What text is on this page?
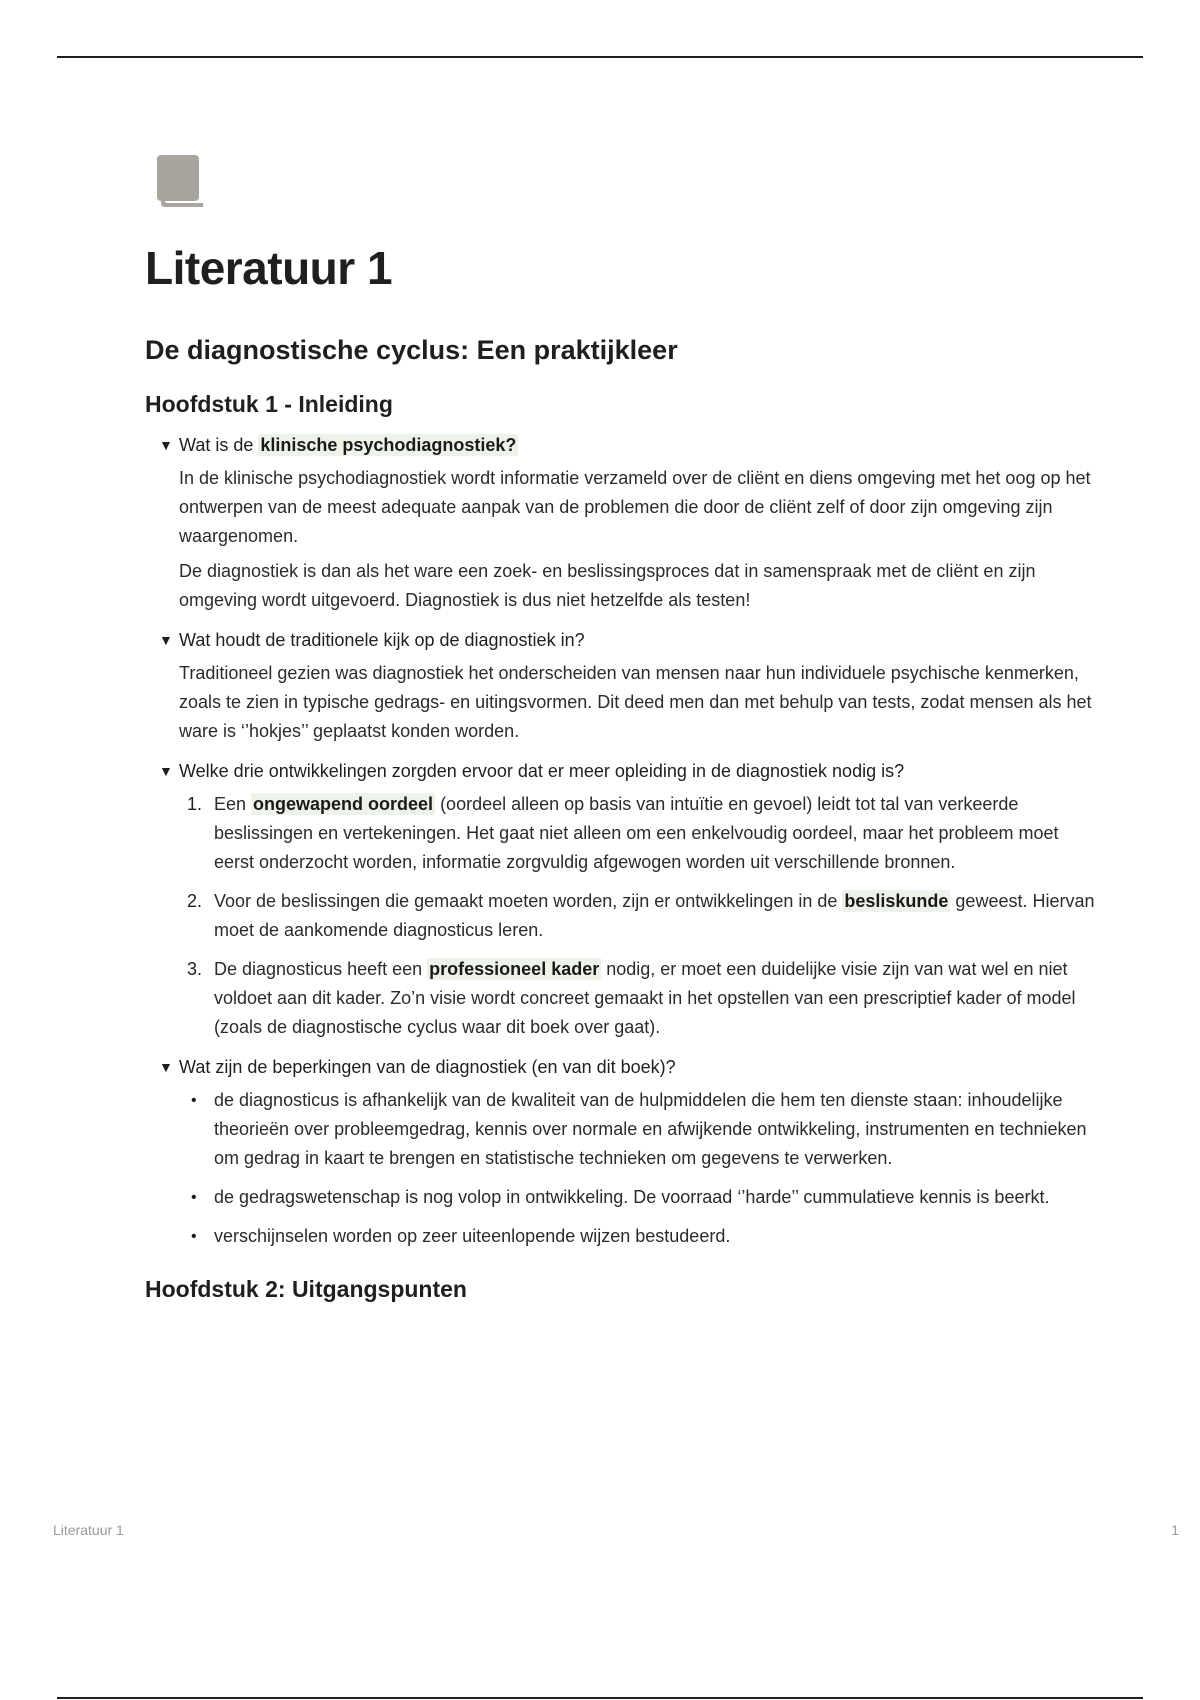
Literatuur 1
De diagnostische cyclus: Een praktijkleer
Hoofdstuk 1 - Inleiding
▼ Wat is de klinische psychodiagnostiek?

In de klinische psychodiagnostiek wordt informatie verzameld over de cliënt en diens omgeving met het oog op het ontwerpen van de meest adequate aanpak van de problemen die door de cliënt zelf of door zijn omgeving zijn waargenomen.

De diagnostiek is dan als het ware een zoek- en beslissingsproces dat in samenspraak met de cliënt en zijn omgeving wordt uitgevoerd. Diagnostiek is dus niet hetzelfde als testen!

▼ Wat houdt de traditionele kijk op de diagnostiek in?

Traditioneel gezien was diagnostiek het onderscheiden van mensen naar hun individuele psychische kenmerken, zoals te zien in typische gedrags- en uitingsvormen. Dit deed men dan met behulp van tests, zodat mensen als het ware is ‘’hokjes’’ geplaatst konden worden.

▼ Welke drie ontwikkelingen zorgden ervoor dat er meer opleiding in de diagnostiek nodig is?
1. Een ongewapend oordeel (oordeel alleen op basis van intuïtie en gevoel) leidt tot tal van verkeerde beslissingen en vertekeningen. Het gaat niet alleen om een enkelvoudig oordeel, maar het probleem moet eerst onderzocht worden, informatie zorgvuldig afgewogen worden uit verschillende bronnen.
2. Voor de beslissingen die gemaakt moeten worden, zijn er ontwikkelingen in de besliskunde geweest. Hiervan moet de aankomende diagnosticus leren.
3. De diagnosticus heeft een professioneel kader nodig, er moet een duidelijke visie zijn van wat wel en niet voldoet aan dit kader. Zo’n visie wordt concreet gemaakt in het opstellen van een prescriptief kader of model (zoals de diagnostische cyclus waar dit boek over gaat).
▼ Wat zijn de beperkingen van de diagnostiek (en van dit boek)?
• de diagnosticus is afhankelijk van de kwaliteit van de hulpmiddelen die hem ten dienste staan: inhoudelijke theorieën over probleemgedrag, kennis over normale en afwijkende ontwikkeling, instrumenten en technieken om gedrag in kaart te brengen en statistische technieken om gegevens te verwerken.
• de gedragswetenschap is nog volop in ontwikkeling. De voorraad ‘’harde’’ cummulatieve kennis is beerkt.
• verschijnselen worden op zeer uiteenlopende wijzen bestudeerd.
Hoofdstuk 2: Uitgangspunten
Literatuur 1	1
